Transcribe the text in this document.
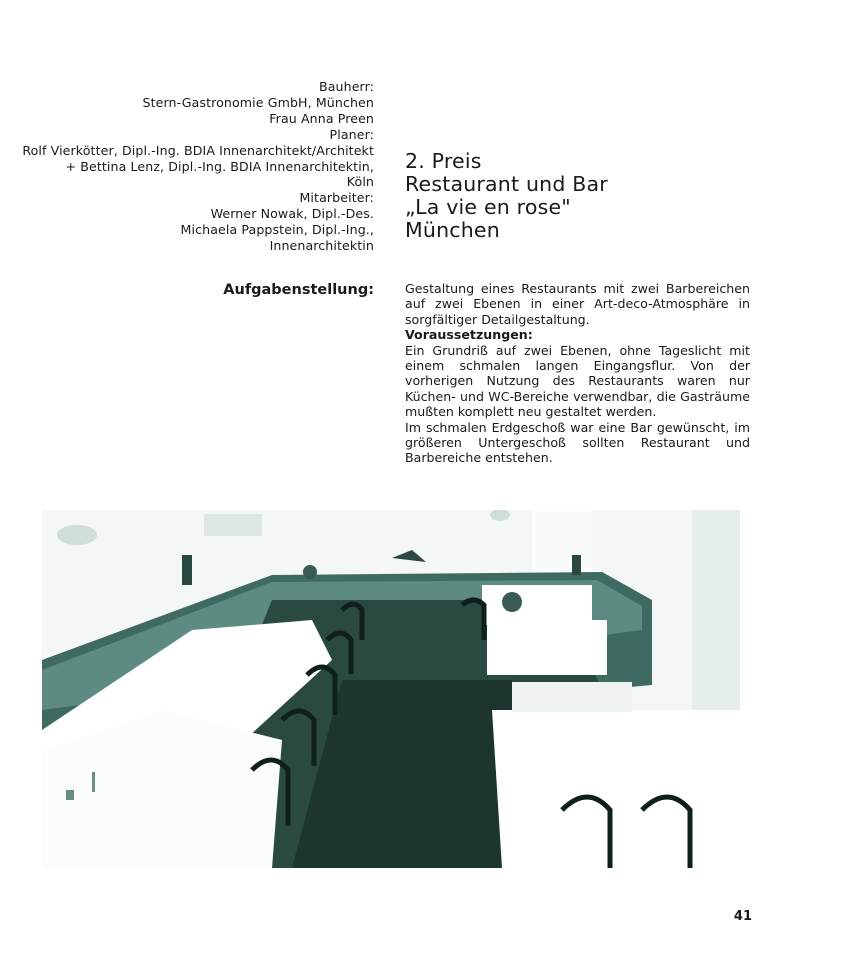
Bauherr:
Stern-Gastronomie GmbH, München
Frau Anna Preen
Planer:
Rolf Vierkötter, Dipl.-Ing. BDIA Innenarchitekt/Architekt
+ Bettina Lenz, Dipl.-Ing. BDIA Innenarchitektin,
Köln
Mitarbeiter:
Werner Nowak, Dipl.-Des.
Michaela Pappstein, Dipl.-Ing.,
Innenarchitektin
2. Preis
Restaurant und Bar
„La vie en rose"
München
Aufgabenstellung: Gestaltung eines Restaurants mit zwei Barbereichen auf zwei Ebenen in einer Art-deco-Atmosphäre in sorgfältiger Detailgestaltung.

Voraussetzungen:

Ein Grundriß auf zwei Ebenen, ohne Tageslicht mit einem schmalen langen Eingangsflur. Von der vorherigen Nutzung des Restaurants waren nur Küchen- und WC-Bereiche verwendbar, die Gasträume mußten komplett neu gestaltet werden.

Im schmalen Erdgeschoß war eine Bar gewünscht, im größeren Untergeschoß sollten Restaurant und Barbereiche entstehen.

41
